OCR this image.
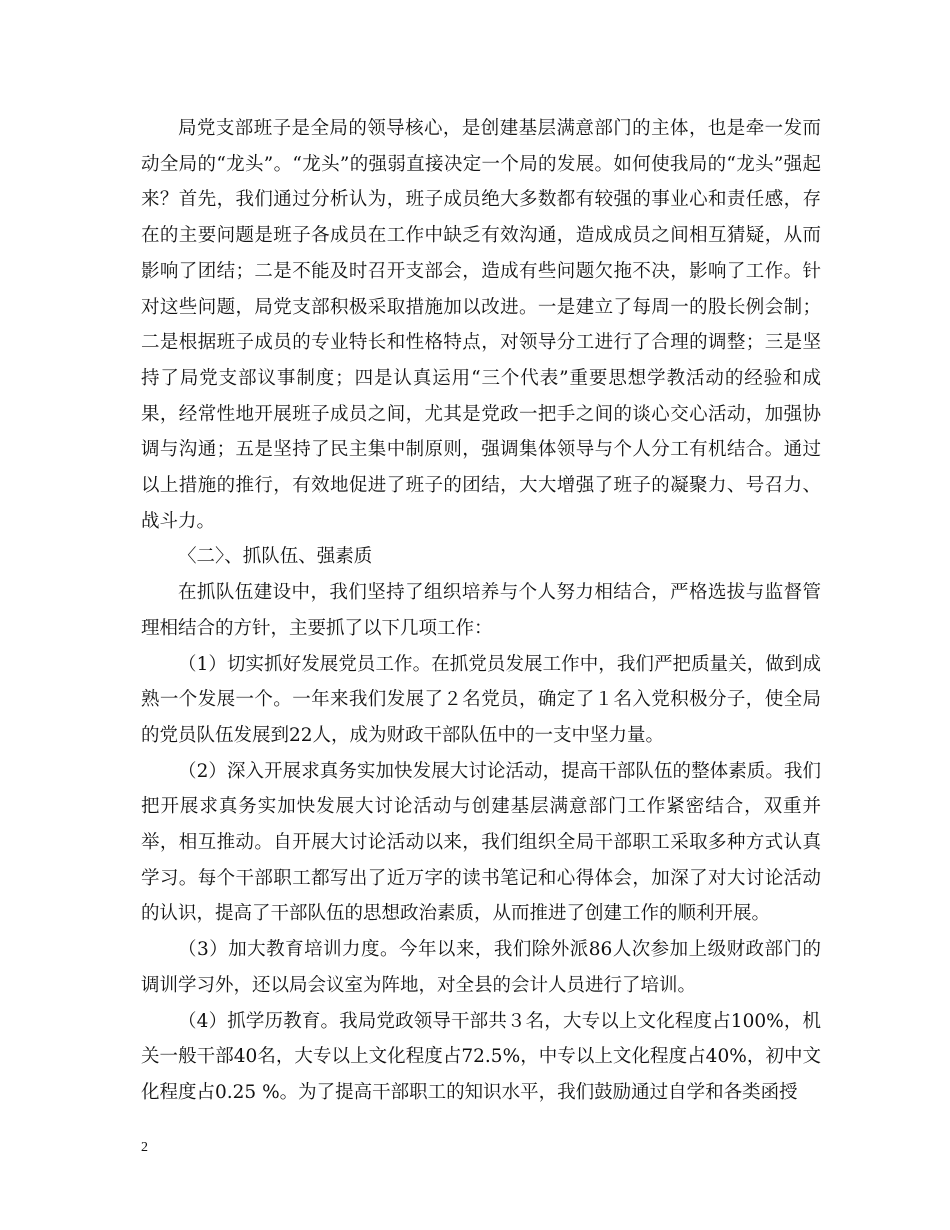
局党支部班子是全局的领导核心，是创建基层满意部门的主体，也是牵一发而动全局的“龙头”。“龙头”的强弱直接决定一个局的发展。如何使我局的“龙头”强起来？首先，我们通过分析认为，班子成员绝大多数都有较强的事业心和责任感，存在的主要问题是班子各成员在工作中缺乏有效沟通，造成成员之间相互猜疑，从而影响了团结；二是不能及时召开支部会，造成有些问题欠拖不决，影响了工作。针对这些问题，局党支部积极采取措施加以改进。一是建立了每周一的股长例会制；二是根据班子成员的专业特长和性格特点，对领导分工进行了合理的调整；三是坚持了局党支部议事制度；四是认真运用“三个代表”重要思想学教活动的经验和成果，经常性地开展班子成员之间，尤其是党政一把手之间的谈心交心活动，加强协调与沟通；五是坚持了民主集中制原则，强调集体领导与个人分工有机结合。通过以上措施的推行，有效地促进了班子的团结，大大增强了班子的凝聚力、号召力、战斗力。

〈二〉、抓队伍、强素质

在抓队伍建设中，我们坚持了组织培养与个人努力相结合，严格选拔与监督管理相结合的方针，主要抓了以下几项工作：

（1）切实抓好发展党员工作。在抓党员发展工作中，我们严把质量关，做到成熟一个发展一个。一年来我们发展了２名党员，确定了１名入党积极分子，使全局的党员队伍发展到22人，成为财政干部队伍中的一支中坚力量。

（2）深入开展求真务实加快发展大讨论活动，提高干部队伍的整体素质。我们把开展求真务实加快发展大讨论活动与创建基层满意部门工作紧密结合，双重并举，相互推动。自开展大讨论活动以来，我们组织全局干部职工采取多种方式认真学习。每个干部职工都写出了近万字的读书笔记和心得体会，加深了对大讨论活动的认识，提高了干部队伍的思想政治素质，从而推进了创建工作的顺利开展。

（3）加大教育培训力度。今年以来，我们除外派86人次参加上级财政部门的调训学习外，还以局会议室为阵地，对全县的会计人员进行了培训。

（4）抓学历教育。我局党政领导干部共３名，大专以上文化程度占100%，机关一般干部40名，大专以上文化程度占72.5%，中专以上文化程度占40%，初中文化程度占0.25 %。为了提高干部职工的知识水平，我们鼓励通过自学和各类函授

2
